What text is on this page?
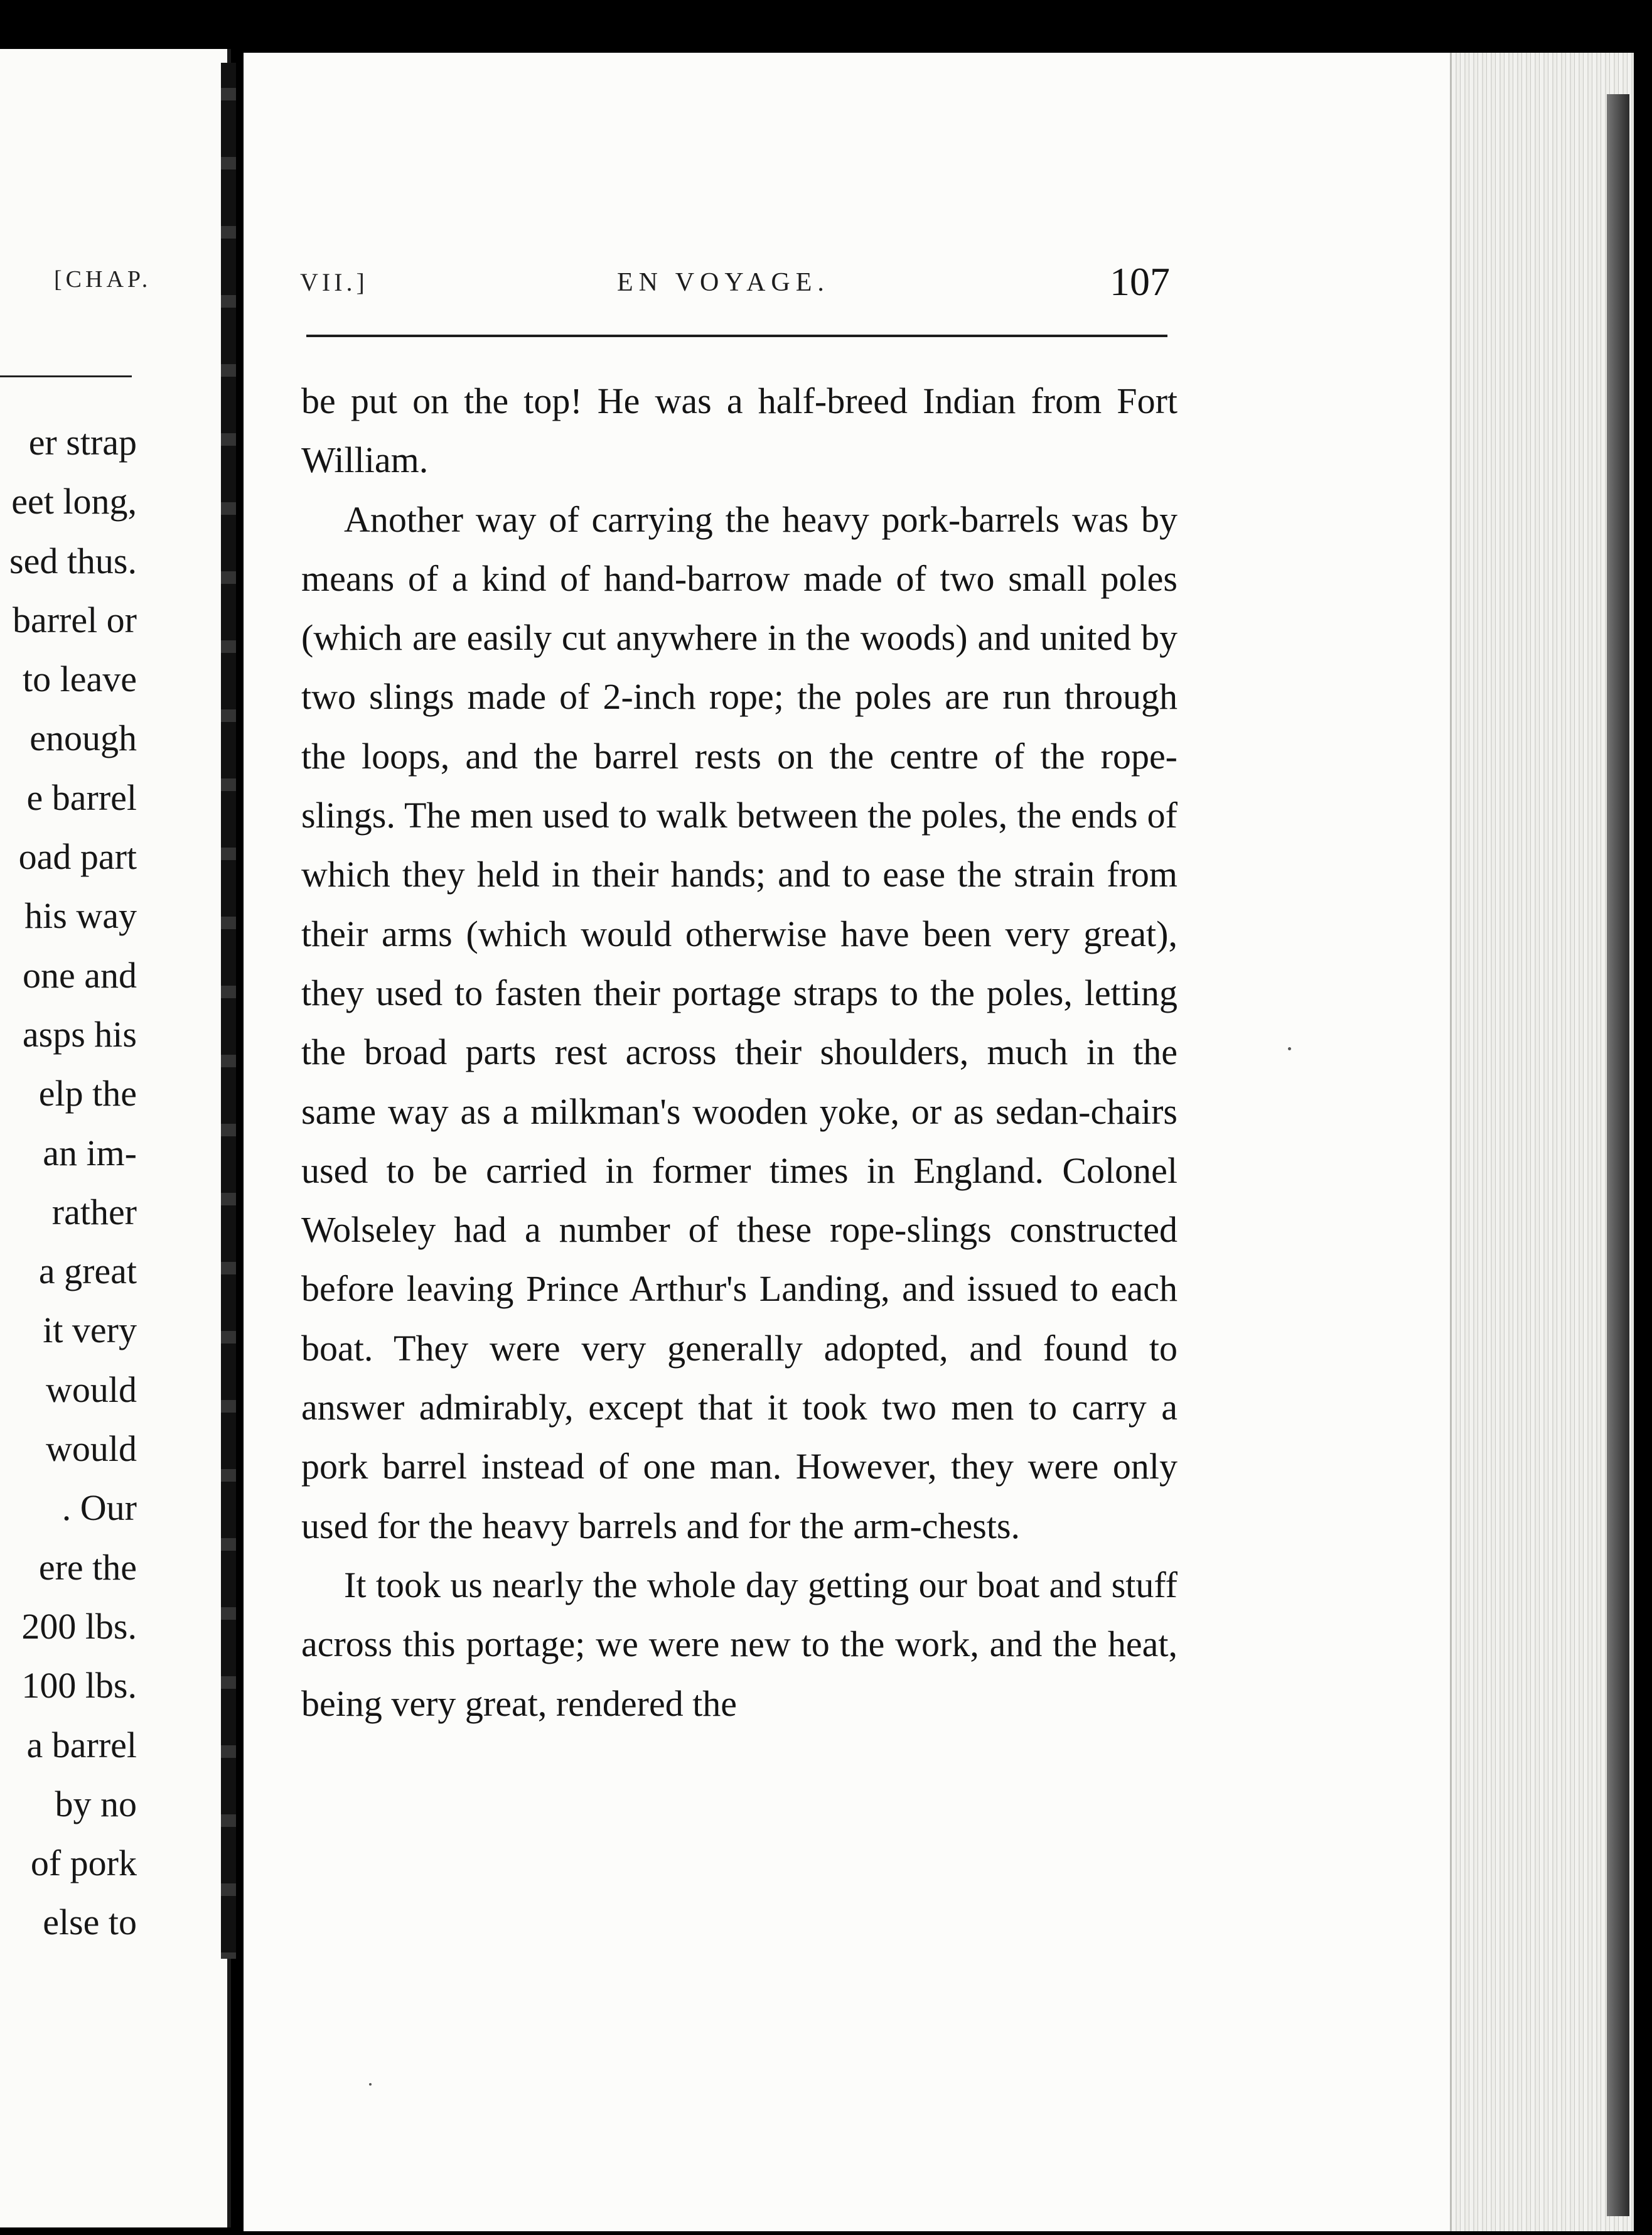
[CHAP.
er strap
eet long,
sed thus.
barrel or
to leave
enough
e barrel
oad part
his way
one and
asps his
elp the
an im-
rather
a great
it very
would
would
. Our
ere the
200 lbs.
100 lbs.
a barrel
by no
of pork
else to
VII.]	EN VOYAGE.	107

be put on the top! He was a half-breed Indian from Fort William.

Another way of carrying the heavy pork-barrels was by means of a kind of hand-barrow made of two small poles (which are easily cut anywhere in the woods) and united by two slings made of 2-inch rope; the poles are run through the loops, and the barrel rests on the centre of the rope-slings. The men used to walk between the poles, the ends of which they held in their hands; and to ease the strain from their arms (which would otherwise have been very great), they used to fasten their portage straps to the poles, letting the broad parts rest across their shoulders, much in the same way as a milkman's wooden yoke, or as sedan-chairs used to be carried in former times in England. Colonel Wolseley had a number of these rope-slings constructed before leaving Prince Arthur's Landing, and issued to each boat. They were very generally adopted, and found to answer admirably, except that it took two men to carry a pork barrel instead of one man. However, they were only used for the heavy barrels and for the arm-chests.

It took us nearly the whole day getting our boat and stuff across this portage; we were new to the work, and the heat, being very great, rendered the
